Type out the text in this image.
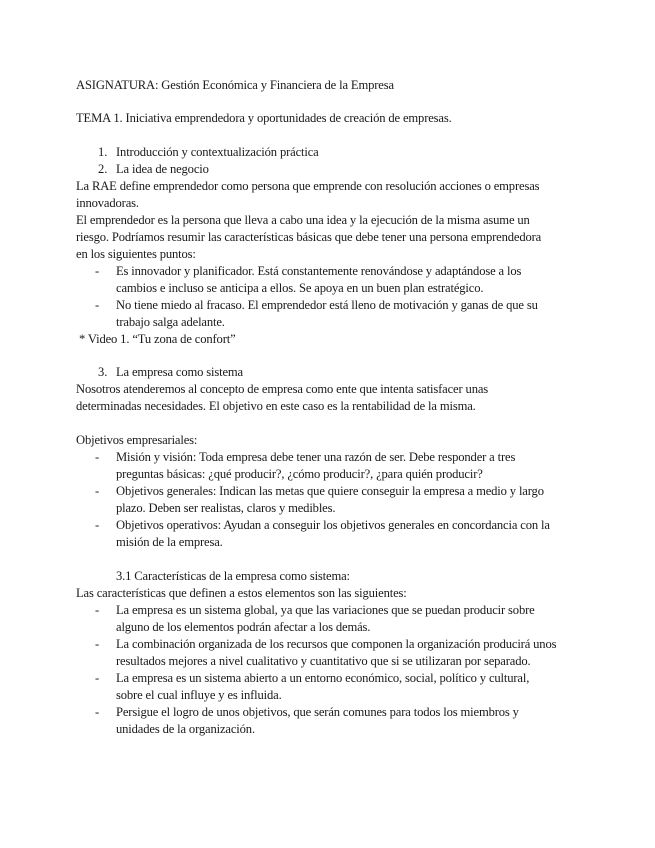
ASIGNATURA: Gestión Económica y Financiera de la Empresa
TEMA 1. Iniciativa emprendedora y oportunidades de creación de empresas.
1. Introducción y contextualización práctica
2. La idea de negocio
La RAE define emprendedor como persona que emprende con resolución acciones o empresas
innovadoras.
El emprendedor es la persona que lleva a cabo una idea y la ejecución de la misma asume un
riesgo. Podríamos resumir las características básicas que debe tener una persona emprendedora
en los siguientes puntos:
- Es innovador y planificador. Está constantemente renovándose y adaptándose a los
cambios e incluso se anticipa a ellos. Se apoya en un buen plan estratégico.
- No tiene miedo al fracaso. El emprendedor está lleno de motivación y ganas de que su
trabajo salga adelante.
* Video 1. “Tu zona de confort”
3. La empresa como sistema
Nosotros atenderemos al concepto de empresa como ente que intenta satisfacer unas
determinadas necesidades. El objetivo en este caso es la rentabilidad de la misma.
Objetivos empresariales:
- Misión y visión: Toda empresa debe tener una razón de ser. Debe responder a tres
preguntas básicas: ¿qué producir?, ¿cómo producir?, ¿para quién producir?
- Objetivos generales: Indican las metas que quiere conseguir la empresa a medio y largo
plazo. Deben ser realistas, claros y medibles.
- Objetivos operativos: Ayudan a conseguir los objetivos generales en concordancia con la
misión de la empresa.
3.1 Características de la empresa como sistema:
Las características que definen a estos elementos son las siguientes:
- La empresa es un sistema global, ya que las variaciones que se puedan producir sobre
alguno de los elementos podrán afectar a los demás.
- La combinación organizada de los recursos que componen la organización producirá unos
resultados mejores a nivel cualitativo y cuantitativo que si se utilizaran por separado.
- La empresa es un sistema abierto a un entorno económico, social, político y cultural,
sobre el cual influye y es influida.
- Persigue el logro de unos objetivos, que serán comunes para todos los miembros y
unidades de la organización.
